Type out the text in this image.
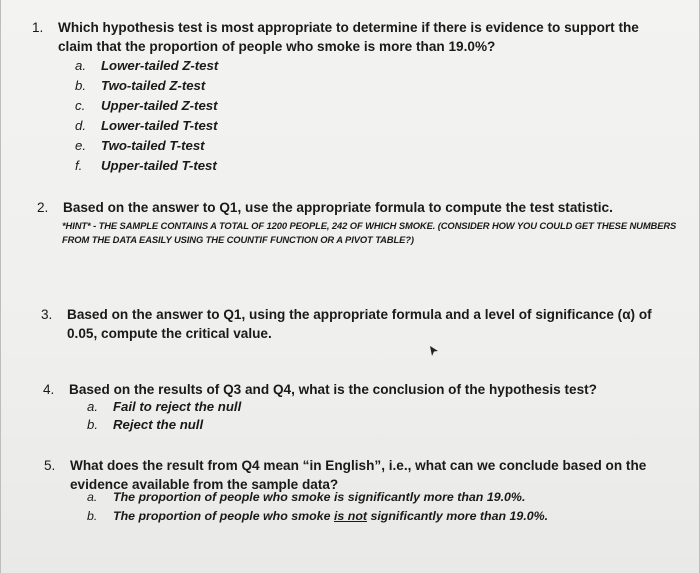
1.	Which hypothesis test is most appropriate to determine if there is evidence to support the claim that the proportion of people who smoke is more than 19.0%?
a. Lower-tailed Z-test
b. Two-tailed Z-test
c. Upper-tailed Z-test
d. Lower-tailed T-test
e. Two-tailed T-test
f. Upper-tailed T-test
2.	Based on the answer to Q1, use the appropriate formula to compute the test statistic.
*HINT* - THE SAMPLE CONTAINS A TOTAL OF 1200 PEOPLE, 242 OF WHICH SMOKE. (CONSIDER HOW YOU COULD GET THESE NUMBERS FROM THE DATA EASILY USING THE COUNTIF FUNCTION OR A PIVOT TABLE?)
3.	Based on the answer to Q1, using the appropriate formula and a level of significance (α) of 0.05, compute the critical value.
4.	Based on the results of Q3 and Q4, what is the conclusion of the hypothesis test?
a. Fail to reject the null
b. Reject the null
5.	What does the result from Q4 mean “in English”, i.e., what can we conclude based on the evidence available from the sample data?
a. The proportion of people who smoke is significantly more than 19.0%.
b. The proportion of people who smoke is not significantly more than 19.0%.
